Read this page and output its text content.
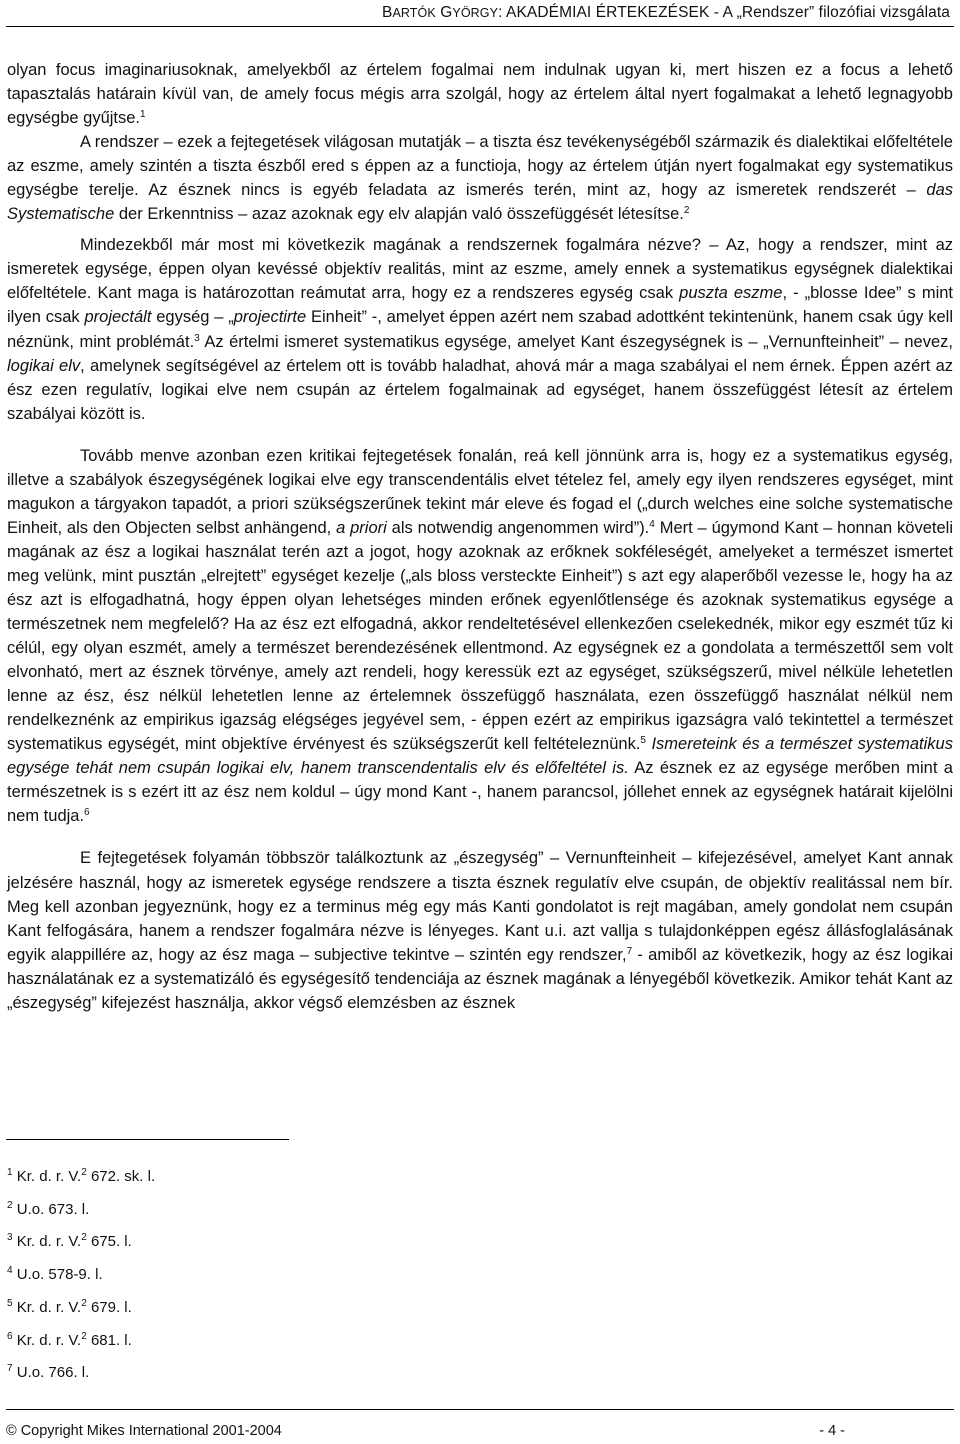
BARTÓK GYÖRGY: AKADÉMIAI ÉRTEKEZÉSEK - A „Rendszer” filozófiai vizsgálata

olyan focus imaginariusoknak, amelyekből az értelem fogalmai nem indulnak ugyan ki, mert hiszen ez a focus a lehető tapasztalás határain kívül van, de amely focus mégis arra szolgál, hogy az értelem által nyert fogalmakat a lehető legnagyobb egységbe gyűjtse.$^1$

A rendszer – ezek a fejtegetések világosan mutatják – a tiszta ész tevékenységéből származik és dialektikai előfeltétele az eszme, amely szintén a tiszta észből ered s éppen az a functioja, hogy az értelem útján nyert fogalmakat egy systematikus egységbe terelje. Az észnek nincs is egyéb feladata az ismerés terén, mint az, hogy az ismeretek rendszerét – das Systematische der Erkenntniss – azaz azoknak egy elv alapján való összefüggését létesítse.$^2$

Mindezekből már most mi következik magának a rendszernek fogalmára nézve? – Az, hogy a rendszer, mint az ismeretek egysége, éppen olyan kevéssé objektív realitás, mint az eszme, amely ennek a systematikus egységnek dialektikai előfeltétele. Kant maga is határozottan reámutat arra, hogy ez a rendszeres egység csak puszta eszme, - „blosse Idee” s mint ilyen csak projectált egység – „projectirte Einheit” -, amelyet éppen azért nem szabad adottként tekintenünk, hanem csak úgy kell néznünk, mint problémát.$^3$ Az értelmi ismeret systematikus egysége, amelyet Kant észegységnek is – „Vernunfteinheit” – nevez, logikai elv, amelynek segítségével az értelem ott is tovább haladhat, ahová már a maga szabályai el nem érnek. Éppen azért az ész ezen regulatív, logikai elve nem csupán az értelem fogalmainak ad egységet, hanem összefüggést létesít az értelem szabályai között is.

Tovább menve azonban ezen kritikai fejtegetések fonalán, reá kell jönnünk arra is, hogy ez a systematikus egység, illetve a szabályok észegységének logikai elve egy transcendentális elvet tételez fel, amely egy ilyen rendszeres egységet, mint magukon a tárgyakon tapadót, a priori szükségszerűnek tekint már eleve és fogad el („durch welches eine solche systematische Einheit, als den Objecten selbst anhängend, a priori als notwendig angenommen wird”).$^4$ Mert – úgymond Kant – honnan követeli magának az ész a logikai használat terén azt a jogot, hogy azoknak az erőknek sokféleségét, amelyeket a természet ismertet meg velünk, mint pusztán „elrejtett” egységet kezelje („als bloss versteckte Einheit”) s azt egy alaperőből vezesse le, hogy ha az ész azt is elfogadhatná, hogy éppen olyan lehetséges minden erőnek egyenlőtlensége és azoknak systematikus egysége a természetnek nem megfelelő? Ha az ész ezt elfogadná, akkor rendeltetésével ellenkezően cselekednék, mikor egy eszmét tűz ki célúl, egy olyan eszmét, amely a természet berendezésének ellentmond. Az egységnek ez a gondolata a természettől sem volt elvonható, mert az észnek törvénye, amely azt rendeli, hogy keressük ezt az egységet, szükségszerű, mivel nélküle lehetetlen lenne az ész, ész nélkül lehetetlen lenne az értelemnek összefüggő használata, ezen összefüggő használat nélkül nem rendelkeznénk az empirikus igazság elégséges jegyével sem, - éppen ezért az empirikus igazságra való tekintettel a természet systematikus egységét, mint objektíve érvényest és szükségszerűt kell feltételeznünk.$^5$ Ismereteink és a természet systematikus egysége tehát nem csupán logikai elv, hanem transcendentalis elv és előfeltétel is. Az észnek ez az egysége merőben mint a természetnek is s ezért itt az ész nem koldul – úgy mond Kant -, hanem parancsol, jóllehet ennek az egységnek határait kijelölni nem tudja.$^6$

E fejtegetések folyamán többször találkoztunk az „észegység” – Vernunfteinheit – kifejezésével, amelyet Kant annak jelzésére használ, hogy az ismeretek egysége rendszere a tiszta észnek regulatív elve csupán, de objektív realitással nem bír. Meg kell azonban jegyeznünk, hogy ez a terminus még egy más Kanti gondolatot is rejt magában, amely gondolat nem csupán Kant felfogására, hanem a rendszer fogalmára nézve is lényeges. Kant u.i. azt vallja s tulajdonképpen egész állásfoglalásának egyik alappillére az, hogy az ész maga – subjective tekintve – szintén egy rendszer,$^7$ - amiből az következik, hogy az ész logikai használatának ez a systematizáló és egységesítő tendenciája az észnek magának a lényegéből következik. Amikor tehát Kant az „észegység” kifejezést használja, akkor végső elemzésben az észnek

$^1$ Kr. d. r. V.$^2$ 672. sk. l.
$^2$ U.o. 673. l.
$^3$ Kr. d. r. V.$^2$ 675. l.
$^4$ U.o. 578-9. l.
$^5$ Kr. d. r. V.$^2$ 679. l.
$^6$ Kr. d. r. V.$^2$ 681. l.
$^7$ U.o. 766. l.
© Copyright Mikes International 2001-2004	- 4 -
